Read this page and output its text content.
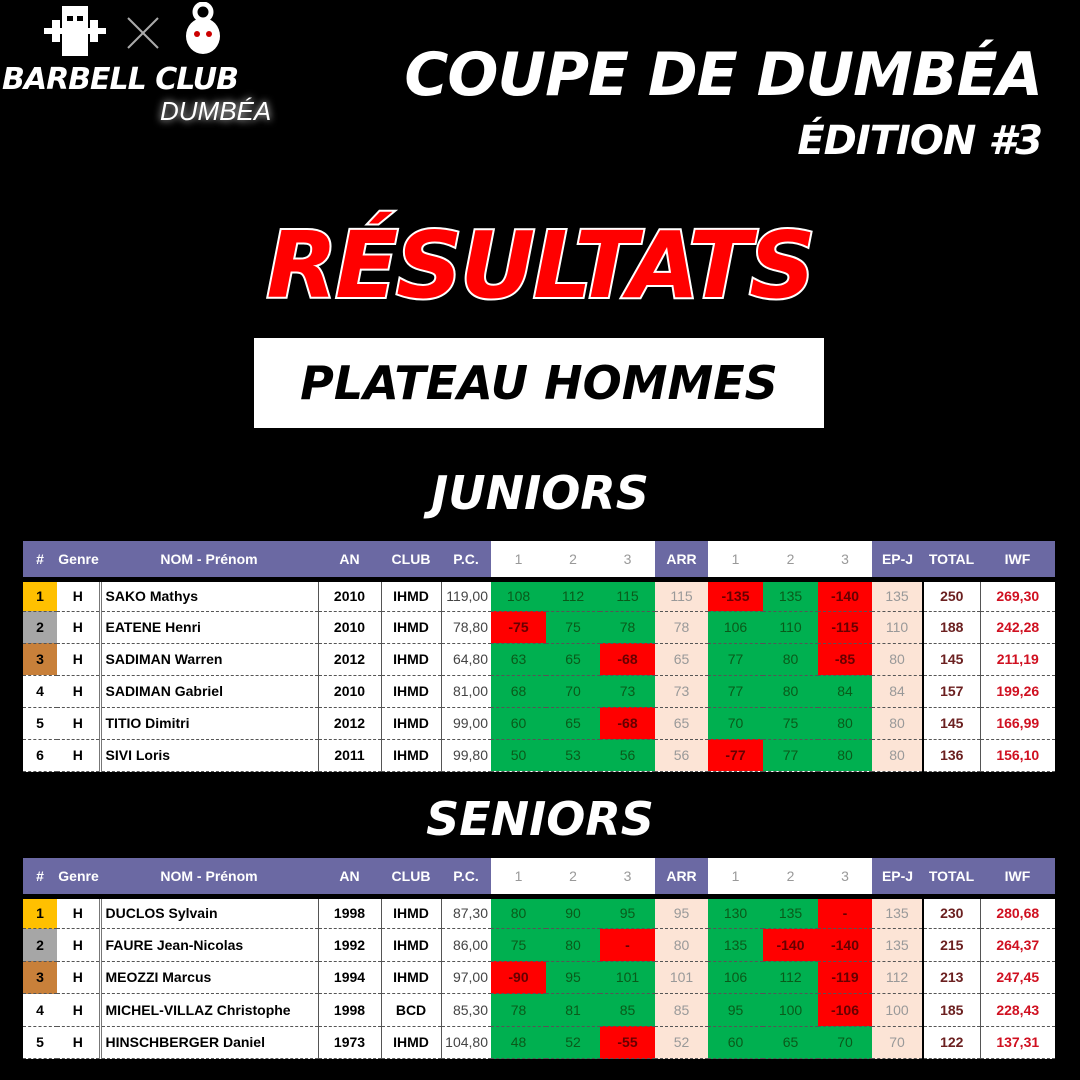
BARBELL CLUB
DUMBÉA
COUPE DE DUMBÉA
ÉDITION #3
RÉSULTATS
PLATEAU HOMMES
JUNIORS
#	Genre	NOM - Prénom	AN	CLUB	P.C.	1	2	3	ARR	1	2	3	EP-J	TOTAL	IWF
1	H	SAKO Mathys	2010	IHMD	119,00	108	112	115	115	-135	135	-140	135	250	269,30
2	H	EATENE Henri	2010	IHMD	78,80	-75	75	78	78	106	110	-115	110	188	242,28
3	H	SADIMAN Warren	2012	IHMD	64,80	63	65	-68	65	77	80	-85	80	145	211,19
4	H	SADIMAN Gabriel	2010	IHMD	81,00	68	70	73	73	77	80	84	84	157	199,26
5	H	TITIO Dimitri	2012	IHMD	99,00	60	65	-68	65	70	75	80	80	145	166,99
6	H	SIVI Loris	2011	IHMD	99,80	50	53	56	56	-77	77	80	80	136	156,10
SENIORS
#	Genre	NOM - Prénom	AN	CLUB	P.C.	1	2	3	ARR	1	2	3	EP-J	TOTAL	IWF
1	H	DUCLOS Sylvain	1998	IHMD	87,30	80	90	95	95	130	135	-	135	230	280,68
2	H	FAURE Jean-Nicolas	1992	IHMD	86,00	75	80	-	80	135	-140	-140	135	215	264,37
3	H	MEOZZI Marcus	1994	IHMD	97,00	-90	95	101	101	106	112	-119	112	213	247,45
4	H	MICHEL-VILLAZ Christophe	1998	BCD	85,30	78	81	85	85	95	100	-106	100	185	228,43
5	H	HINSCHBERGER Daniel	1973	IHMD	104,80	48	52	-55	52	60	65	70	70	122	137,31
